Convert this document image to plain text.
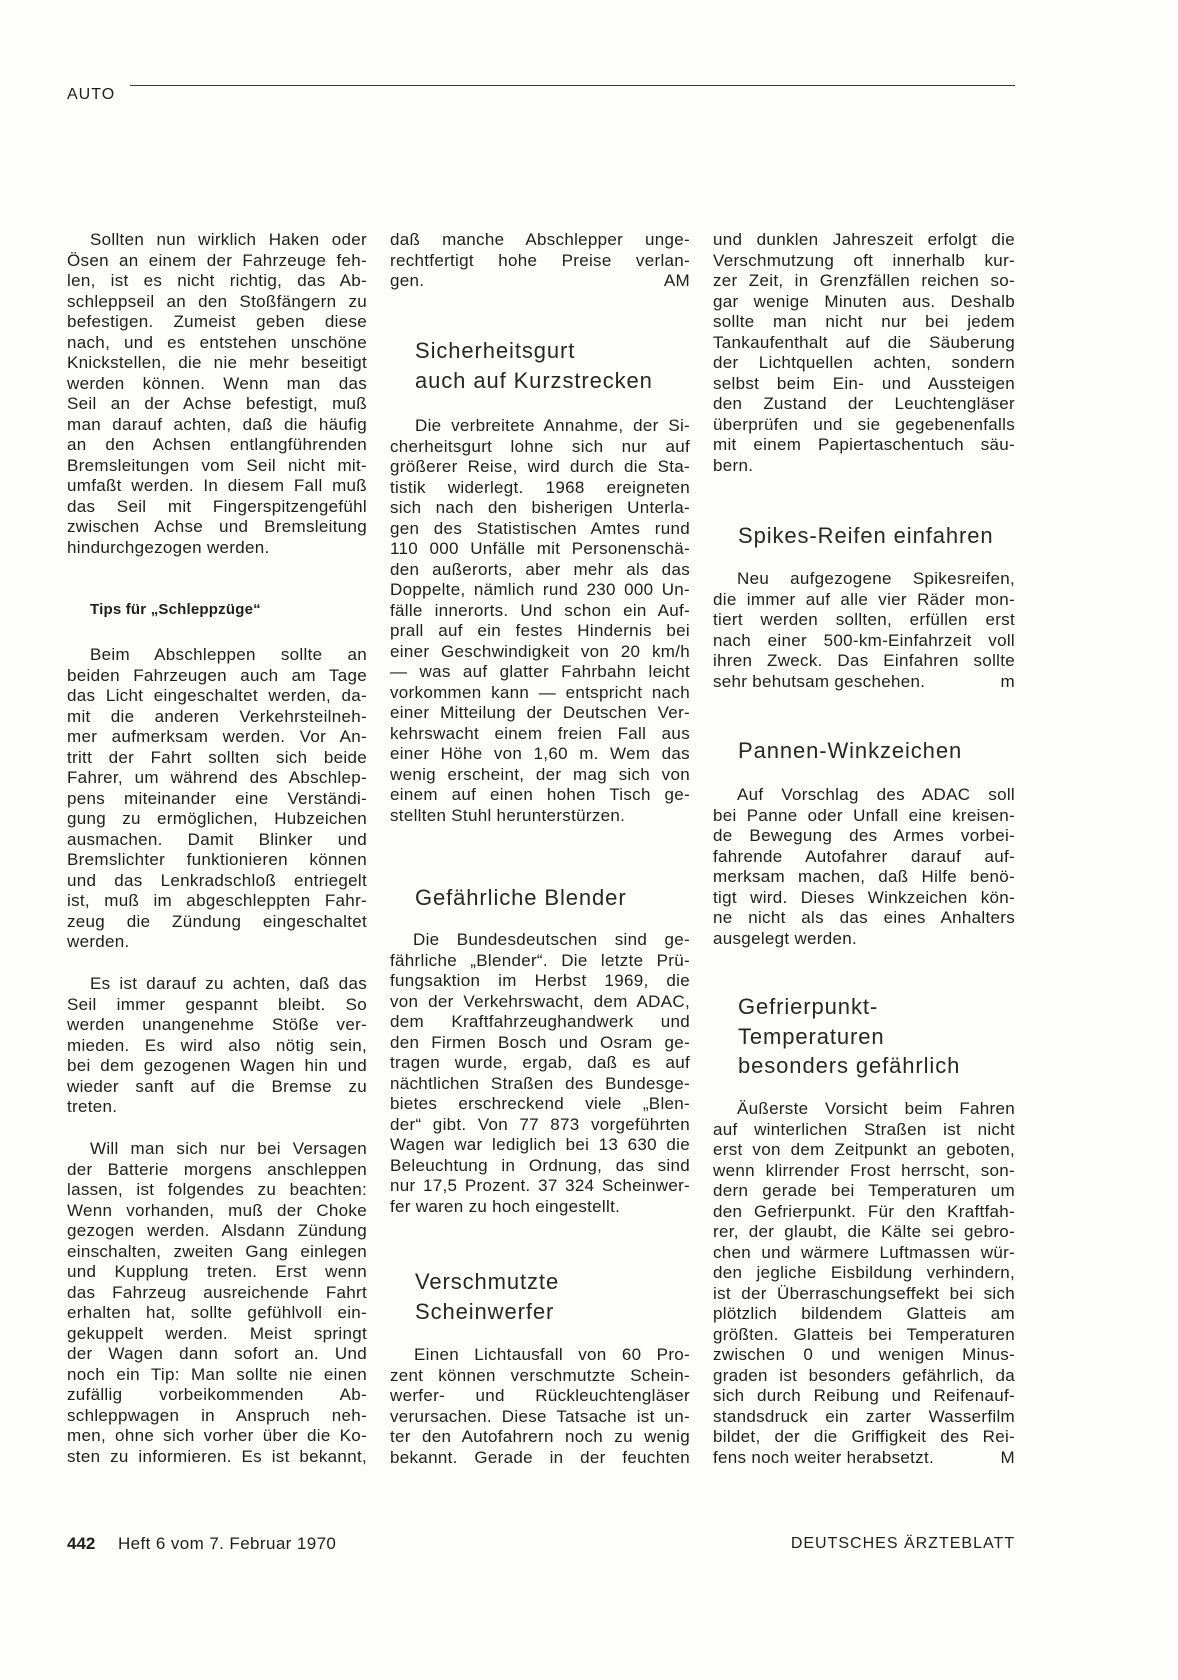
AUTO
Sollten nun wirklich Haken oder
Ösen an einem der Fahrzeuge feh-
len, ist es nicht richtig, das Ab-
schleppseil an den Stoßfängern zu
befestigen. Zumeist geben diese
nach, und es entstehen unschöne
Knickstellen, die nie mehr beseitigt
werden können. Wenn man das
Seil an der Achse befestigt, muß
man darauf achten, daß die häufig
an den Achsen entlangführenden
Bremsleitungen vom Seil nicht mit-
umfaßt werden. In diesem Fall muß
das Seil mit Fingerspitzengefühl
zwischen Achse und Bremsleitung
hindurchgezogen werden.
Tips für „Schleppzüge“
Beim Abschleppen sollte an
beiden Fahrzeugen auch am Tage
das Licht eingeschaltet werden, da-
mit die anderen Verkehrsteilneh-
mer aufmerksam werden. Vor An-
tritt der Fahrt sollten sich beide
Fahrer, um während des Abschlep-
pens miteinander eine Verständi-
gung zu ermöglichen, Hubzeichen
ausmachen. Damit Blinker und
Bremslichter funktionieren können
und das Lenkradschloß entriegelt
ist, muß im abgeschleppten Fahr-
zeug die Zündung eingeschaltet
werden.
Es ist darauf zu achten, daß das
Seil immer gespannt bleibt. So
werden unangenehme Stöße ver-
mieden. Es wird also nötig sein,
bei dem gezogenen Wagen hin und
wieder sanft auf die Bremse zu
treten.
Will man sich nur bei Versagen
der Batterie morgens anschleppen
lassen, ist folgendes zu beachten:
Wenn vorhanden, muß der Choke
gezogen werden. Alsdann Zündung
einschalten, zweiten Gang einlegen
und Kupplung treten. Erst wenn
das Fahrzeug ausreichende Fahrt
erhalten hat, sollte gefühlvoll ein-
gekuppelt werden. Meist springt
der Wagen dann sofort an. Und
noch ein Tip: Man sollte nie einen
zufällig vorbeikommenden Ab-
schleppwagen in Anspruch neh-
men, ohne sich vorher über die Ko-
sten zu informieren. Es ist bekannt,
daß manche Abschlepper unge-
rechtfertigt hohe Preise verlan-
gen.	AM
Sicherheitsgurt
auch auf Kurzstrecken
Die verbreitete Annahme, der Si-
cherheitsgurt lohne sich nur auf
größerer Reise, wird durch die Sta-
tistik widerlegt. 1968 ereigneten
sich nach den bisherigen Unterla-
gen des Statistischen Amtes rund
110 000 Unfälle mit Personenschä-
den außerorts, aber mehr als das
Doppelte, nämlich rund 230 000 Un-
fälle innerorts. Und schon ein Auf-
prall auf ein festes Hindernis bei
einer Geschwindigkeit von 20 km/h
— was auf glatter Fahrbahn leicht
vorkommen kann — entspricht nach
einer Mitteilung der Deutschen Ver-
kehrswacht einem freien Fall aus
einer Höhe von 1,60 m. Wem das
wenig erscheint, der mag sich von
einem auf einen hohen Tisch ge-
stellten Stuhl herunterstürzen.
Gefährliche Blender
Die Bundesdeutschen sind ge-
fährliche „Blender“. Die letzte Prü-
fungsaktion im Herbst 1969, die
von der Verkehrswacht, dem ADAC,
dem Kraftfahrzeughandwerk und
den Firmen Bosch und Osram ge-
tragen wurde, ergab, daß es auf
nächtlichen Straßen des Bundesge-
bietes erschreckend viele „Blen-
der“ gibt. Von 77 873 vorgeführten
Wagen war lediglich bei 13 630 die
Beleuchtung in Ordnung, das sind
nur 17,5 Prozent. 37 324 Scheinwer-
fer waren zu hoch eingestellt.
Verschmutzte
Scheinwerfer
Einen Lichtausfall von 60 Pro-
zent können verschmutzte Schein-
werfer- und Rückleuchtengläser
verursachen. Diese Tatsache ist un-
ter den Autofahrern noch zu wenig
bekannt. Gerade in der feuchten
und dunklen Jahreszeit erfolgt die
Verschmutzung oft innerhalb kur-
zer Zeit, in Grenzfällen reichen so-
gar wenige Minuten aus. Deshalb
sollte man nicht nur bei jedem
Tankaufenthalt auf die Säuberung
der Lichtquellen achten, sondern
selbst beim Ein- und Aussteigen
den Zustand der Leuchtengläser
überprüfen und sie gegebenenfalls
mit einem Papiertaschentuch säu-
bern.
Spikes-Reifen einfahren
Neu aufgezogene Spikesreifen,
die immer auf alle vier Räder mon-
tiert werden sollten, erfüllen erst
nach einer 500-km-Einfahrzeit voll
ihren Zweck. Das Einfahren sollte
sehr behutsam geschehen.	m
Pannen-Winkzeichen
Auf Vorschlag des ADAC soll
bei Panne oder Unfall eine kreisen-
de Bewegung des Armes vorbei-
fahrende Autofahrer darauf auf-
merksam machen, daß Hilfe benö-
tigt wird. Dieses Winkzeichen kön-
ne nicht als das eines Anhalters
ausgelegt werden.
Gefrierpunkt-
Temperaturen
besonders gefährlich
Äußerste Vorsicht beim Fahren
auf winterlichen Straßen ist nicht
erst von dem Zeitpunkt an geboten,
wenn klirrender Frost herrscht, son-
dern gerade bei Temperaturen um
den Gefrierpunkt. Für den Kraftfah-
rer, der glaubt, die Kälte sei gebro-
chen und wärmere Luftmassen wür-
den jegliche Eisbildung verhindern,
ist der Überraschungseffekt bei sich
plötzlich bildendem Glatteis am
größten. Glatteis bei Temperaturen
zwischen 0 und wenigen Minus-
graden ist besonders gefährlich, da
sich durch Reibung und Reifenauf-
standsdruck ein zarter Wasserfilm
bildet, der die Griffigkeit des Rei-
fens noch weiter herabsetzt.	M
442 Heft 6 vom 7. Februar 1970	DEUTSCHES ÄRZTEBLATT
